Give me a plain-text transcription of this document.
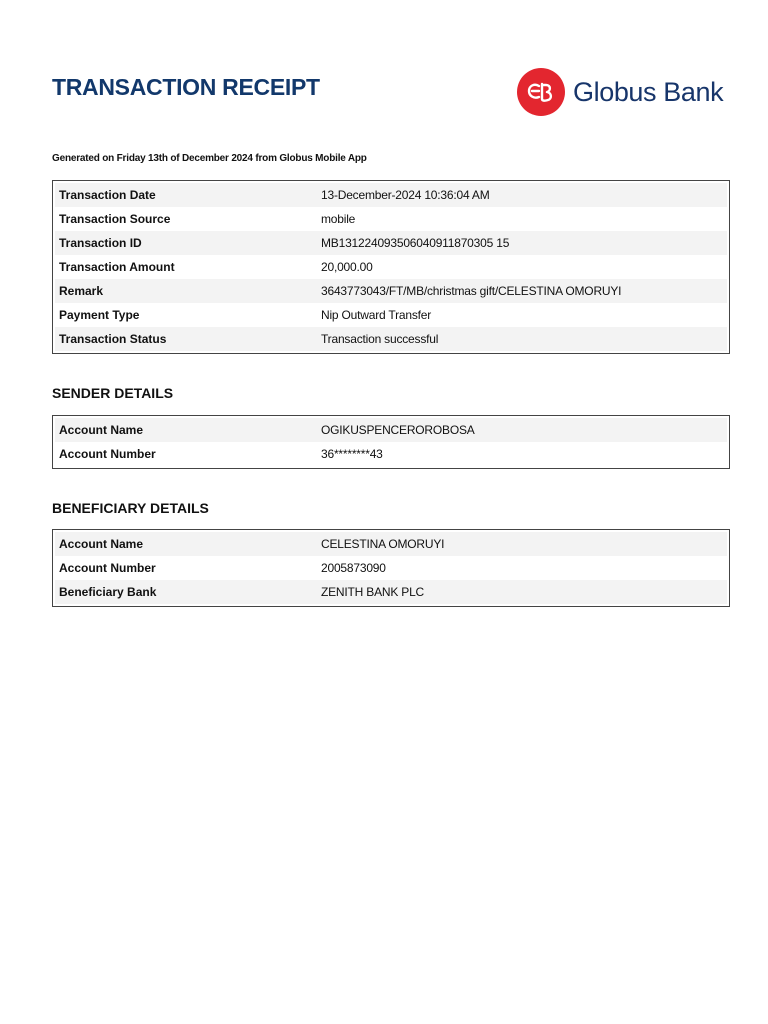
TRANSACTION RECEIPT	Globus Bank
Generated on Friday 13th of December 2024 from Globus Mobile App
Transaction Date	13-December-2024 10:36:04 AM
Transaction Source	mobile
Transaction ID	MB131224093506040911870305 15
Transaction Amount	20,000.00
Remark	3643773043/FT/MB/christmas gift/CELESTINA OMORUYI
Payment Type	Nip Outward Transfer
Transaction Status	Transaction successful
SENDER DETAILS
Account Name	OGIKUSPENCEROROBOSA
Account Number	36********43
BENEFICIARY DETAILS
Account Name	CELESTINA OMORUYI
Account Number	2005873090
Beneficiary Bank	ZENITH BANK PLC
